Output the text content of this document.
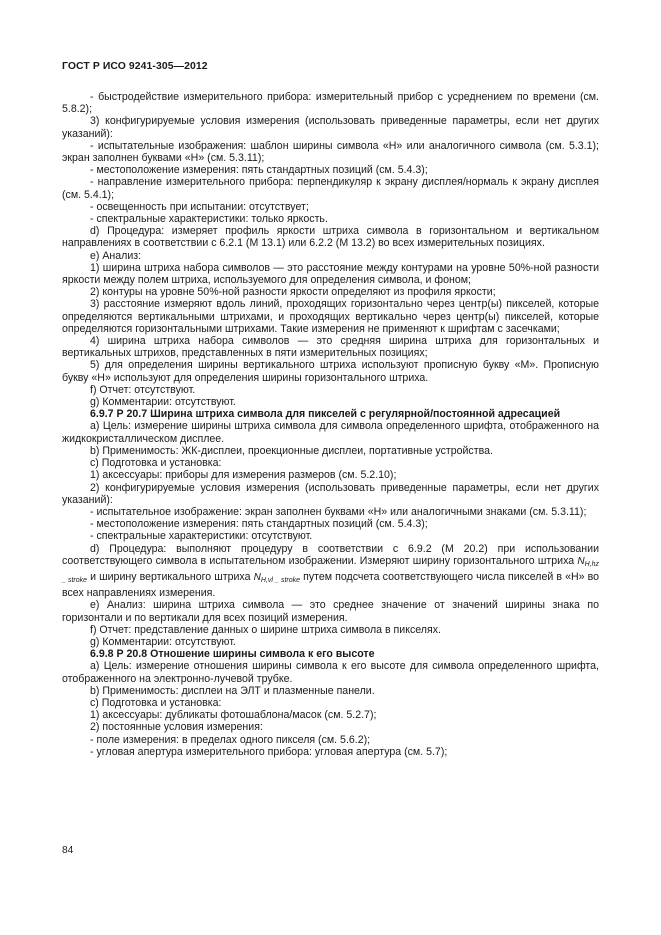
ГОСТ Р ИСО 9241-305—2012

- быстродействие измерительного прибора: измерительный прибор с усреднением по времени (см. 5.8.2);

3) конфигурируемые условия измерения (использовать приведенные параметры, если нет других указаний):

- испытательные изображения: шаблон ширины символа «Н» или аналогичного символа (см. 5.3.1); экран заполнен буквами «Н» (см. 5.3.11);

- местоположение измерения: пять стандартных позиций (см. 5.4.3);

- направление измерительного прибора: перпендикуляр к экрану дисплея/нормаль к экрану дисплея (см. 5.4.1);

- освещенность при испытании: отсутствует;

- спектральные характеристики: только яркость.

d) Процедура: измеряет профиль яркости штриха символа в горизонтальном и вертикальном направлениях в соответствии с 6.2.1 (М 13.1) или 6.2.2 (М 13.2) во всех измерительных позициях.

e) Анализ:

1) ширина штриха набора символов — это расстояние между контурами на уровне 50%-ной разности яркости между полем штриха, используемого для определения символа, и фоном;

2) контуры на уровне 50%-ной разности яркости определяют из профиля яркости;

3) расстояние измеряют вдоль линий, проходящих горизонтально через центр(ы) пикселей, которые определяются вертикальными штрихами, и проходящих вертикально через центр(ы) пикселей, которые определяются горизонтальными штрихами. Такие измерения не применяют к шрифтам с засечками;

4) ширина штриха набора символов — это средняя ширина штриха для горизонтальных и вертикальных штрихов, представленных в пяти измерительных позициях;

5) для определения ширины вертикального штриха используют прописную букву «М». Прописную букву «Н» используют для определения ширины горизонтального штриха.

f) Отчет: отсутствуют.

g) Комментарии: отсутствуют.

6.9.7 Р 20.7 Ширина штриха символа для пикселей с регулярной/постоянной адресацией

а) Цель: измерение ширины штриха символа для символа определенного шрифта, отображенного на жидкокристаллическом дисплее.

b) Применимость: ЖК-дисплеи, проекционные дисплеи, портативные устройства.

c) Подготовка и установка:

1) аксессуары: приборы для измерения размеров (см. 5.2.10);

2) конфигурируемые условия измерения (использовать приведенные параметры, если нет других указаний):

- испытательное изображение: экран заполнен буквами «Н» или аналогичными знаками (см. 5.3.11);

- местоположение измерения: пять стандартных позиций (см. 5.4.3);

- спектральные характеристики: отсутствуют.

d) Процедура: выполняют процедуру в соответствии с 6.9.2 (М 20.2) при использовании соответствующего символа в испытательном изображении. Измеряют ширину горизонтального штриха $N_{H,hz \_ stroke}$ и ширину вертикального штриха $N_{H,vl \_ stroke}$ путем подсчета соответствующего числа пикселей в «Н» во всех направлениях измерения.

e) Анализ: ширина штриха символа — это среднее значение от значений ширины знака по горизонтали и по вертикали для всех позиций измерения.

f) Отчет: представление данных о ширине штриха символа в пикселях.

g) Комментарии: отсутствуют.

6.9.8 Р 20.8 Отношение ширины символа к его высоте

а) Цель: измерение отношения ширины символа к его высоте для символа определенного шрифта, отображенного на электронно-лучевой трубке.

b) Применимость: дисплеи на ЭЛТ и плазменные панели.

c) Подготовка и установка:

1) аксессуары: дубликаты фотошаблона/масок (см. 5.2.7);

2) постоянные условия измерения:

- поле измерения: в пределах одного пикселя (см. 5.6.2);

- угловая апертура измерительного прибора: угловая апертура (см. 5.7);

84
